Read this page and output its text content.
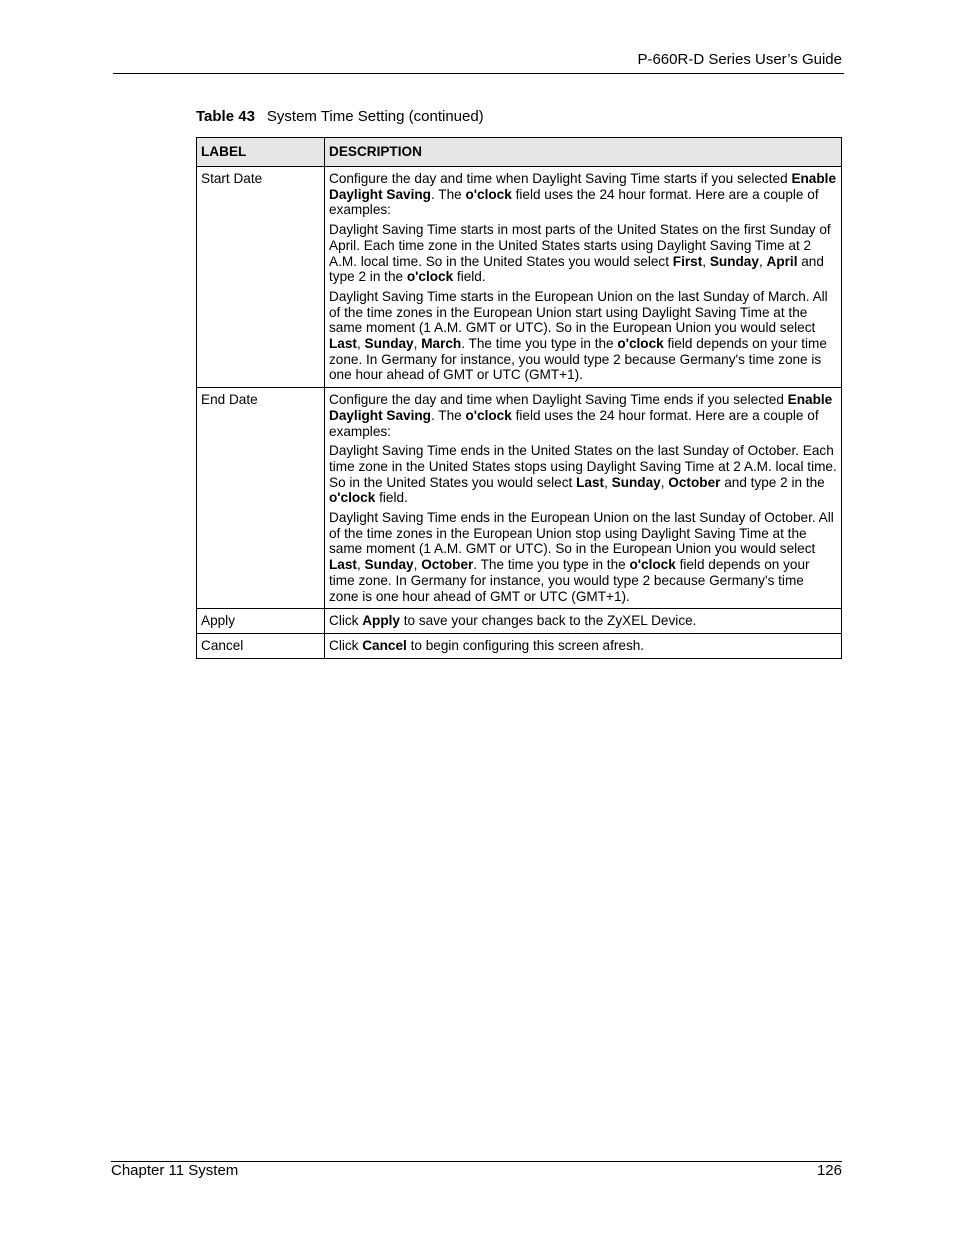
P-660R-D Series User’s Guide
Table 43 System Time Setting (continued)
LABEL	DESCRIPTION
Start Date	Configure the day and time when Daylight Saving Time starts if you selected Enable Daylight Saving. The o'clock field uses the 24 hour format. Here are a couple of examples:

Daylight Saving Time starts in most parts of the United States on the first Sunday of April. Each time zone in the United States starts using Daylight Saving Time at 2 A.M. local time. So in the United States you would select First, Sunday, April and type 2 in the o'clock field.

Daylight Saving Time starts in the European Union on the last Sunday of March. All of the time zones in the European Union start using Daylight Saving Time at the same moment (1 A.M. GMT or UTC). So in the European Union you would select Last, Sunday, March. The time you type in the o'clock field depends on your time zone. In Germany for instance, you would type 2 because Germany's time zone is one hour ahead of GMT or UTC (GMT+1).

End Date	Configure the day and time when Daylight Saving Time ends if you selected Enable Daylight Saving. The o'clock field uses the 24 hour format. Here are a couple of examples:

Daylight Saving Time ends in the United States on the last Sunday of October. Each time zone in the United States stops using Daylight Saving Time at 2 A.M. local time. So in the United States you would select Last, Sunday, October and type 2 in the o'clock field.

Daylight Saving Time ends in the European Union on the last Sunday of October. All of the time zones in the European Union stop using Daylight Saving Time at the same moment (1 A.M. GMT or UTC). So in the European Union you would select Last, Sunday, October. The time you type in the o'clock field depends on your time zone. In Germany for instance, you would type 2 because Germany's time zone is one hour ahead of GMT or UTC (GMT+1).

Apply	Click Apply to save your changes back to the ZyXEL Device.

Cancel	Click Cancel to begin configuring this screen afresh.

Chapter 11 System	126
